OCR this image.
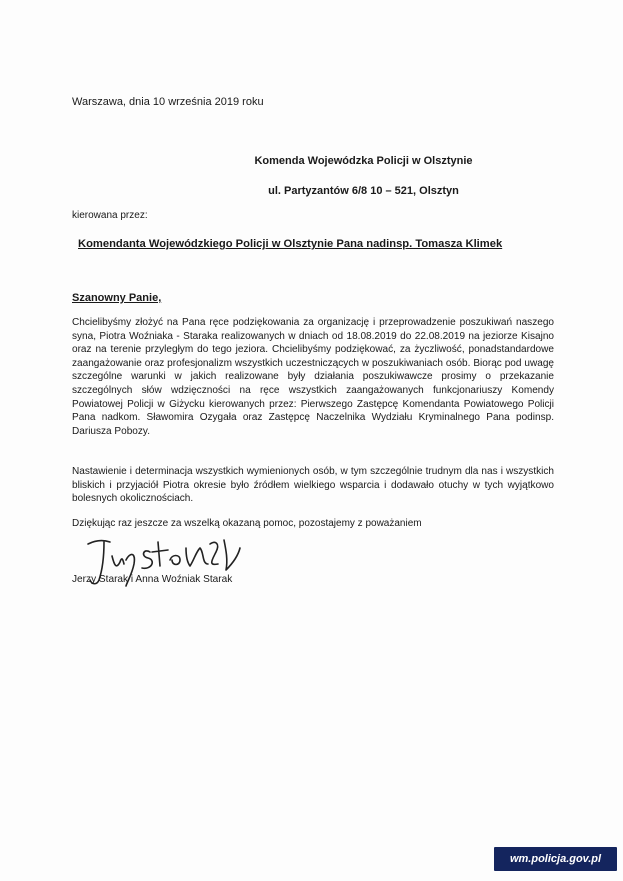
Warszawa, dnia 10 września 2019 roku
Komenda Wojewódzka Policji w Olsztynie
ul. Partyzantów 6/8 10 – 521, Olsztyn
kierowana przez:
Komendanta Wojewódzkiego Policji w Olsztynie Pana nadinsp. Tomasza Klimek
Szanowny Panie,
Chcielibyśmy złożyć na Pana ręce podziękowania za organizację i przeprowadzenie poszukiwań naszego syna, Piotra Woźniaka - Staraka realizowanych w dniach od 18.08.2019 do 22.08.2019 na jeziorze Kisajno oraz na terenie przyległym do tego jeziora. Chcielibyśmy podziękować, za życzliwość, ponadstandardowe zaangażowanie oraz profesjonalizm wszystkich uczestniczących w poszukiwaniach osób. Biorąc pod uwagę szczególne warunki w jakich realizowane były działania poszukiwawcze prosimy o przekazanie szczególnych słów wdzięczności na ręce wszystkich zaangażowanych funkcjonariuszy Komendy Powiatowej Policji w Giżycku kierowanych przez: Pierwszego Zastępcę Komendanta Powiatowego Policji Pana nadkom. Sławomira Ozygała oraz Zastępcę Naczelnika Wydziału Kryminalnego Pana podinsp. Dariusza Pobozy.
Nastawienie i determinacja wszystkich wymienionych osób, w tym szczególnie trudnym dla nas i wszystkich bliskich i przyjaciół Piotra okresie było źródłem wielkiego wsparcia i dodawało otuchy w tych wyjątkowo bolesnych okolicznościach.
Dziękując raz jeszcze za wszelką okazaną pomoc, pozostajemy z poważaniem
Jerzy Starak i Anna Woźniak Starak
wm.policja.gov.pl
